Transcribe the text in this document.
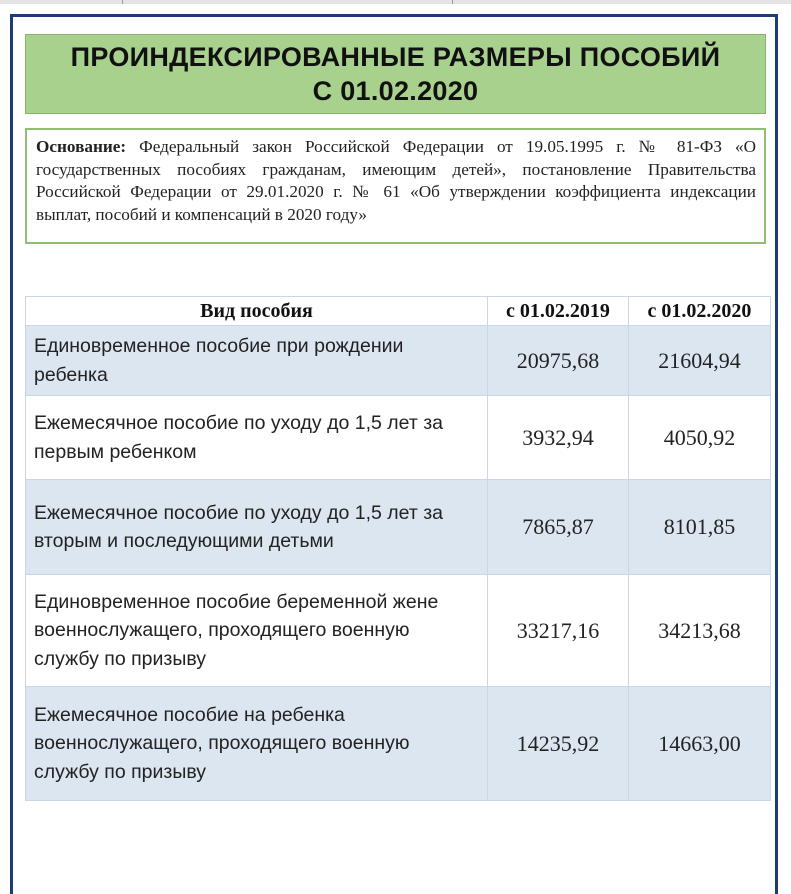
ПРОИНДЕКСИРОВАННЫЕ РАЗМЕРЫ ПОСОБИЙ
С 01.02.2020
Основание: Федеральный закон Российской Федерации от 19.05.1995 г. № 81-ФЗ «О государственных пособиях гражданам, имеющим детей», постановление Правительства Российской Федерации от 29.01.2020 г. № 61 «Об утверждении коэффициента индексации выплат, пособий и компенсаций в 2020 году»
Вид пособия	с 01.02.2019	с 01.02.2020
Единовременное пособие при рождении ребенка	20975,68	21604,94
Ежемесячное пособие по уходу до 1,5 лет за первым ребенком	3932,94	4050,92
Ежемесячное пособие по уходу до 1,5 лет за вторым и последующими детьми	7865,87	8101,85
Единовременное пособие беременной жене военнослужащего, проходящего военную службу по призыву	33217,16	34213,68
Ежемесячное пособие на ребенка военнослужащего, проходящего военную службу по призыву	14235,92	14663,00
